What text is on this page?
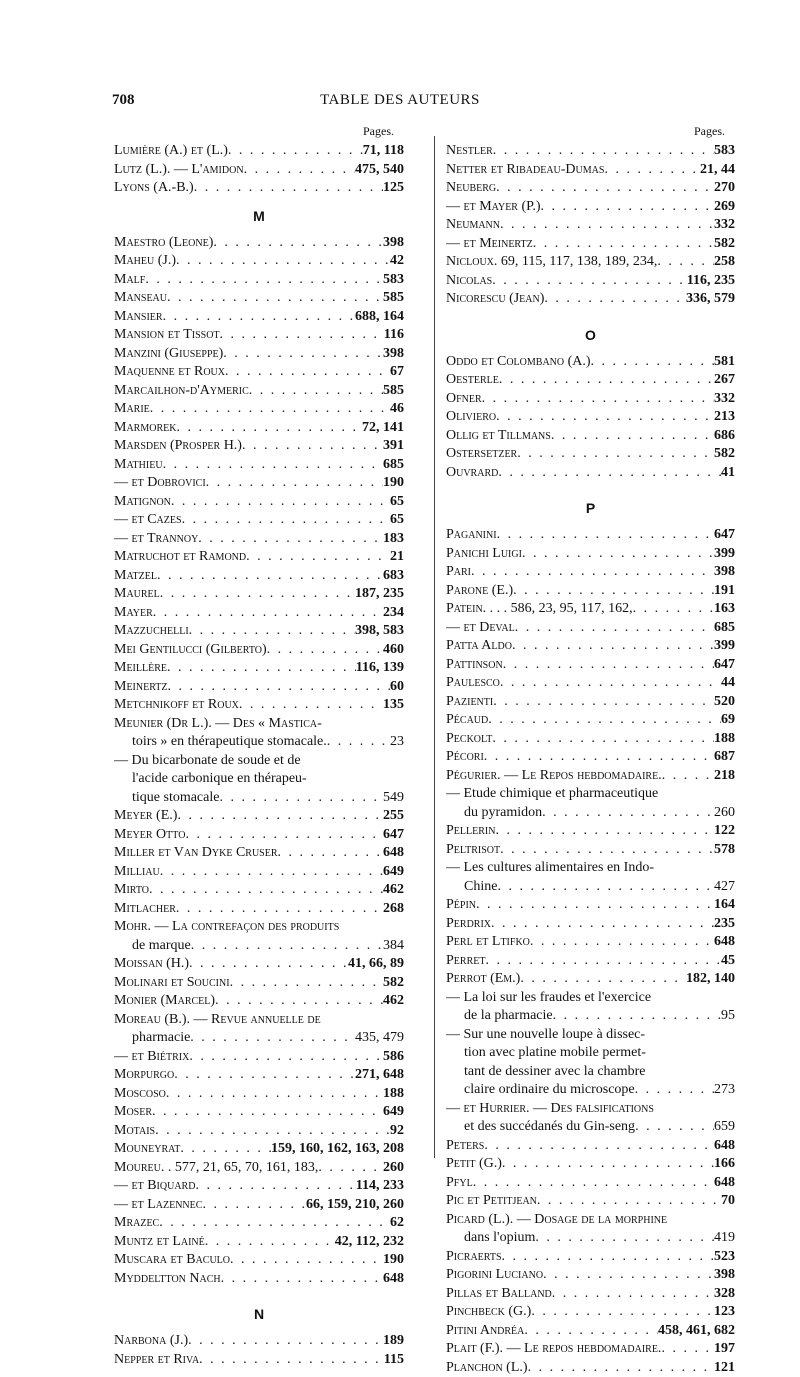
TABLE DES AUTEURS
708
Pages.
Lumière (A.) et (L.) . . .	71, 118
Lutz (L.). — L'amidon . . .	475, 540
Lyons (A.-B.) . . .	125
M
Maestro (Leone) . . .	398
Maheu (J.) . . .	42
Malf . . .	583
Manseau . . .	585
Mansier . . .	688, 164
Mansion et Tissot . . .	116
Manzini (Giuseppe) . . .	398
Maquenne et Roux . . .	67
Marcailhon-d'Aymeric . . .	585
Marie . . .	46
Marmorek . . .	72, 141
Marsden (Prosper H.) . . .	391
Mathieu . . .	685
— et Dobrovici . . .	190
Matignon . . .	65
— et Cazes . . .	65
— et Trannoy . . .	183
Matruchot et Ramond . . .	21
Matzel . . .	683
Maurel . . .	187, 235
Mayer . . .	234
Mazzuchelli . . .	398, 583
Mei Gentilucci (Gilberto) . . .	460
Meillère . . .	116, 139
Meinertz . . .	60
Metchnikoff et Roux . . .	135
Meunier (Dr L.). — Des « Mastica-
toirs » en thérapeutique stomacale. . . .	23
— Du bicarbonate de soude et de
l'acide carbonique en thérapeu-
tique stomacale . . .	549
Meyer (E.) . . .	255
Meyer Otto . . .	647
Miller et Van Dyke Cruser . . .	648
Milliau . . .	649
Mirto . . .	462
Mitlacher . . .	268
Mohr. — La contrefaçon des produits
de marque . . .	384
Moissan (H.) . . .	41, 66, 89
Molinari et Soucini . . .	582
Monier (Marcel) . . .	462
Moreau (B.). — Revue annuelle de
pharmacie . . .	435, 479
— et Biétrix . . .	586
Morpurgo . . .	271, 648
Moscoso . . .	188
Moser . . .	649
Motais . . .	92
Mouneyrat . . .	159, 160, 162, 163, 208
Moureu. . 577, 21, 65, 70, 161, 183, . . .	260
— et Biquard . . .	114, 233
— et Lazennec . . .	66, 159, 210, 260
Mrazec . . .	62
Muntz et Lainé . . .	42, 112, 232
Muscara et Baculo . . .	190
Myddeltton Nach . . .	648
N
Narbona (J.) . . .	189
Nepper et Riva . . .	115
Pages.
Nestler . . .	583
Netter et Ribadeau-Dumas . . .	21, 44
Neuberg . . .	270
— et Mayer (P.) . . .	269
Neumann . . .	332
— et Meinertz . . .	582
Nicloux. 69, 115, 117, 138, 189, 234, . . .	258
Nicolas . . .	116, 235
Nicorescu (Jean) . . .	336, 579
O
Oddo et Colombano (A.) . . .	581
Oesterle . . .	267
Ofner . . .	332
Oliviero . . .	213
Ollig et Tillmans . . .	686
Ostersetzer . . .	582
Ouvrard . . .	41
P
Paganini . . .	647
Panichi Luigi . . .	399
Pari . . .	398
Parone (E.) . . .	191
Patein. . . . 586, 23, 95, 117, 162, . . .	163
— et Deval . . .	685
Patta Aldo . . .	399
Pattinson . . .	647
Paulesco . . .	44
Pazienti . . .	520
Pécaud . . .	69
Peckolt . . .	188
Pécori . . .	687
Pégurier. — Le Repos hebdomadaire. . . .	218
— Etude chimique et pharmaceutique
du pyramidon . . .	260
Pellerin . . .	122
Peltrisot . . .	578
— Les cultures alimentaires en Indo-
Chine . . .	427
Pépin . . .	164
Perdrix . . .	235
Perl et Ltifko . . .	648
Perret . . .	45
Perrot (Em.) . . .	182, 140
— La loi sur les fraudes et l'exercice
de la pharmacie . . .	95
— Sur une nouvelle loupe à dissec-
tion avec platine mobile permet-
tant de dessiner avec la chambre
claire ordinaire du microscope . . .	273
— et Hurrier. — Des falsifications
et des succédanés du Gin-seng . . .	659
Peters . . .	648
Petit (G.) . . .	166
Pfyl . . .	648
Pic et Petitjean . . .	70
Picard (L.). — Dosage de la morphine
dans l'opium . . .	419
Picraerts . . .	523
Pigorini Luciano . . .	398
Pillas et Balland . . .	328
Pinchbeck (G.) . . .	123
Pitini Andréa . . .	458, 461, 682
Plait (F.). — Le repos hebdomadaire. . . .	197
Planchon (L.) . . .	121
